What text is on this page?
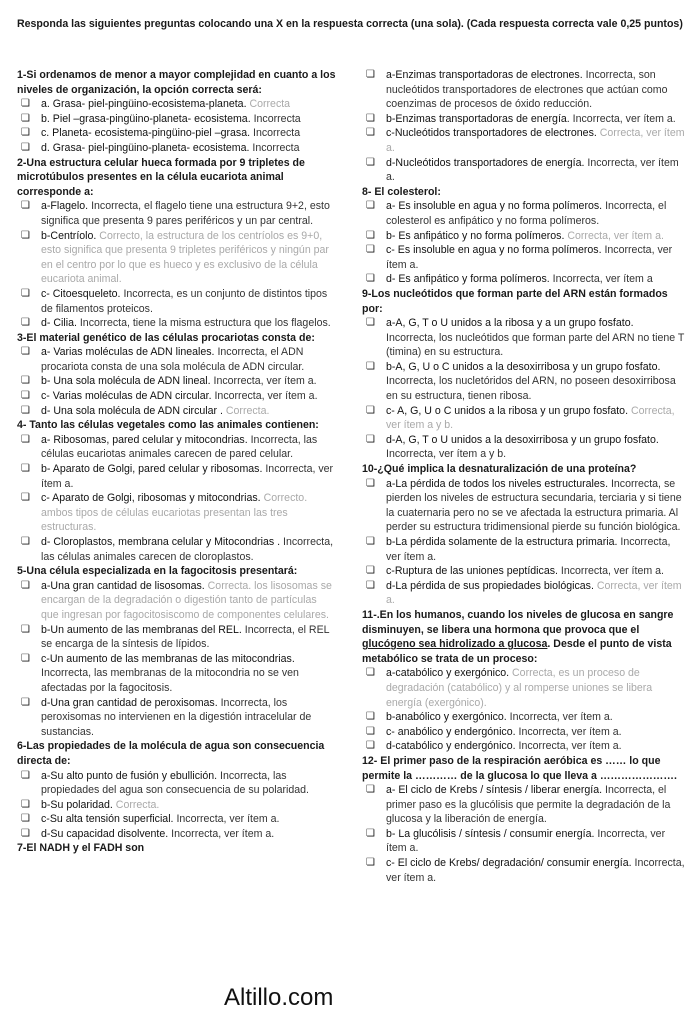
Responda las siguientes preguntas colocando una X en la respuesta correcta (una sola). (Cada respuesta correcta vale 0,25 puntos)

1-Si ordenamos de menor a mayor complejidad en cuanto a los niveles de organización, la opción correcta será:

❏ a. Grasa- piel-pingüino-ecosistema-planeta. Correcta
❏ b. Piel –grasa-pingüino-planeta- ecosistema. Incorrecta
❏ c. Planeta- ecosistema-pingüino-piel –grasa. Incorrecta
❏ d. Grasa- piel-pingüino-planeta- ecosistema. Incorrecta

2-Una estructura celular hueca formada por 9 tripletes de microtúbulos presentes en la célula eucariota animal corresponde a:

❏ a-Flagelo. Incorrecta, el flagelo tiene una estructura 9+2, esto significa que presenta 9 pares periféricos y un par central.
❏ b-Centríolo. Correcto, la estructura de los centríolos es 9+0, esto significa que presenta 9 tripletes periféricos y ningún par en el centro por lo que es hueco y es exclusivo de la célula eucariota animal.
❏ c- Citoesqueleto. Incorrecta, es un conjunto de distintos tipos de filamentos proteicos.
❏ d- Cilia. Incorrecta, tiene la misma estructura que los flagelos.

3-El material genético de las células procariotas consta de:

❏ a- Varias moléculas de ADN lineales. Incorrecta, el ADN procariota consta de una sola molécula de ADN circular.
❏ b- Una sola molécula de ADN lineal. Incorrecta, ver ítem a.
❏ c- Varias moléculas de ADN circular. Incorrecta, ver ítem a.
❏ d- Una sola molécula de ADN circular . Correcta.

4- Tanto las células vegetales como las animales contienen:

❏ a- Ribosomas, pared celular y mitocondrias. Incorrecta, las células eucariotas animales carecen de pared celular.
❏ b- Aparato de Golgi, pared celular y ribosomas. Incorrecta, ver ítem a.
❏ c- Aparato de Golgi, ribosomas y mitocondrias. Correcto. ambos tipos de células eucariotas presentan las tres estructuras.
❏ d- Cloroplastos, membrana celular y Mitocondrias . Incorrecta, las células animales carecen de cloroplastos.

5-Una célula especializada en la fagocitosis presentará:

❏ a-Una gran cantidad de lisosomas. Correcta. los lisosomas se encargan de la degradación o digestión tanto de partículas que ingresan por fagocitosiscomo de componentes celulares.
❏ b-Un aumento de las membranas del REL. Incorrecta, el REL se encarga de la síntesis de lípidos.
❏ c-Un aumento de las membranas de las mitocondrias. Incorrecta, las membranas de la mitocondria no se ven afectadas por la fagocitosis.
❏ d-Una gran cantidad de peroxisomas. Incorrecta, los peroxisomas no intervienen en la digestión intracelular de sustancias.

6-Las propiedades de la molécula de agua son consecuencia directa de:

❏ a-Su alto punto de fusión y ebullición. Incorrecta, las propiedades del agua son consecuencia de su polaridad.
❏ b-Su polaridad. Correcta.
❏ c-Su alta tensión superficial. Incorrecta, ver ítem a.
❏ d-Su capacidad disolvente. Incorrecta, ver ítem a.

7-El NADH y el FADH son

❏ a-Enzimas transportadoras de electrones. Incorrecta, son nucleótidos transportadores de electrones que actúan como coenzimas de procesos de óxido reducción.
❏ b-Enzimas transportadoras de energía. Incorrecta, ver ítem a.
❏ c-Nucleótidos transportadores de electrones. Correcta, ver ítem a.
❏ d-Nucleótidos transportadores de energía. Incorrecta, ver ítem a.

8- El colesterol:

❏ a- Es insoluble en agua y no forma polímeros. Incorrecta, el colesterol es anfipático y no forma polímeros.
❏ b- Es anfipático y no forma polímeros. Correcta, ver ítem a.
❏ c- Es insoluble en agua y no forma polímeros. Incorrecta, ver ítem a.
❏ d- Es anfipático y forma polímeros. Incorrecta, ver ítem a

9-Los nucleótidos que forman parte del ARN están formados por:

❏ a-A, G, T o U unidos a la ribosa y a un grupo fosfato. Incorrecta, los nucleótidos que forman parte del ARN no tiene T (timina) en su estructura.
❏ b-A, G, U o C unidos a la desoxirribosa y un grupo fosfato. Incorrecta, los nucletóridos del ARN, no poseen desoxirribosa en su estructura, tienen ribosa.
❏ c- A, G, U o C unidos a la ribosa y un grupo fosfato. Correcta, ver ítem a y b.
❏ d-A, G, T o U unidos a la desoxirribosa y un grupo fosfato. Incorrecta, ver ítem a y b.

10-¿Qué implica la desnaturalización de una proteína?

❏ a-La pérdida de todos los niveles estructurales. Incorrecta, se pierden los niveles de estructura secundaria, terciaria y si tiene la cuaternaria pero no se ve afectada la estructura primaria. Al perder su estructura tridimensional pierde su función biológica.
❏ b-La pérdida solamente de la estructura primaria. Incorrecta, ver ítem a.
❏ c-Ruptura de las uniones peptídicas. Incorrecta, ver ítem a.
❏ d-La pérdida de sus propiedades biológicas. Correcta, ver ítem a.

11-.En los humanos, cuando los niveles de glucosa en sangre disminuyen, se libera una hormona que provoca que el glucógeno sea hidrolizado a glucosa. Desde el punto de vista metabólico se trata de un proceso:

❏ a-catabólico y exergónico. Correcta, es un proceso de degradación (catabólico) y al romperse uniones se libera energía (exergónico).
❏ b-anabólico y exergónico. Incorrecta, ver ítem a.
❏ c- anabólico y endergónico. Incorrecta, ver ítem a.
❏ d-catabólico y endergónico. Incorrecta, ver ítem a.

12- El primer paso de la respiración aeróbica es …… lo que permite la ………… de la glucosa lo que lleva a ………………….

❏ a- El ciclo de Krebs / síntesis / liberar energía. Incorrecta, el primer paso es la glucólisis que permite la degradación de la glucosa y la liberación de energía.
❏ b- La glucólisis / síntesis / consumir energía. Incorrecta, ver ítem a.
❏ c- El ciclo de Krebs/ degradación/ consumir energía. Incorrecta, ver ítem a.
Altillo.com
